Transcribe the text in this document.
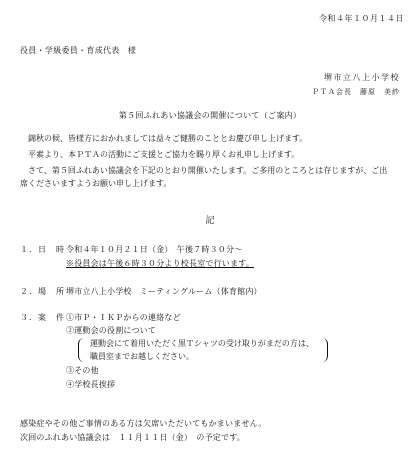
令和４年１０月１４日
役員・学級委員・育成代表　様
堺市立八上小学校
ＰＴＡ会長　藤原　美紗
第５回ふれあい協議会の開催について（ご案内）
　錦秋の候、皆様方におかれましては益々ご健勝のこととお慶び申し上げます。
　平素より、本ＰＴＡの活動にご支援とご協力を賜り厚くお礼申し上げます。
　さて、第５回ふれあい協議会を下記のとおり開催いたします。ご多用のところとは存じますが、ご出
席くださいますようお願い申し上げます。
記
１．日　時 令和４年１０月２１日（金）　午後７時３０分～
※役員会は午後６時３０分より校長室で行います。
２．場　所 堺市立八上小学校　ミーティングルーム（体育館内）
３．案　件 ①市Ｐ・ＩＫＰからの連絡など
②運動会の役割について
運動会にて着用いただく黒Ｔシャツの受け取りがまだの方は、
職員室までお越しください。
③その他
④学校長挨拶
感染症やその他ご事情のある方は欠席いただいてもかまいません。
次回のふれあい協議会は　１１月１１日（金）　の予定です。
